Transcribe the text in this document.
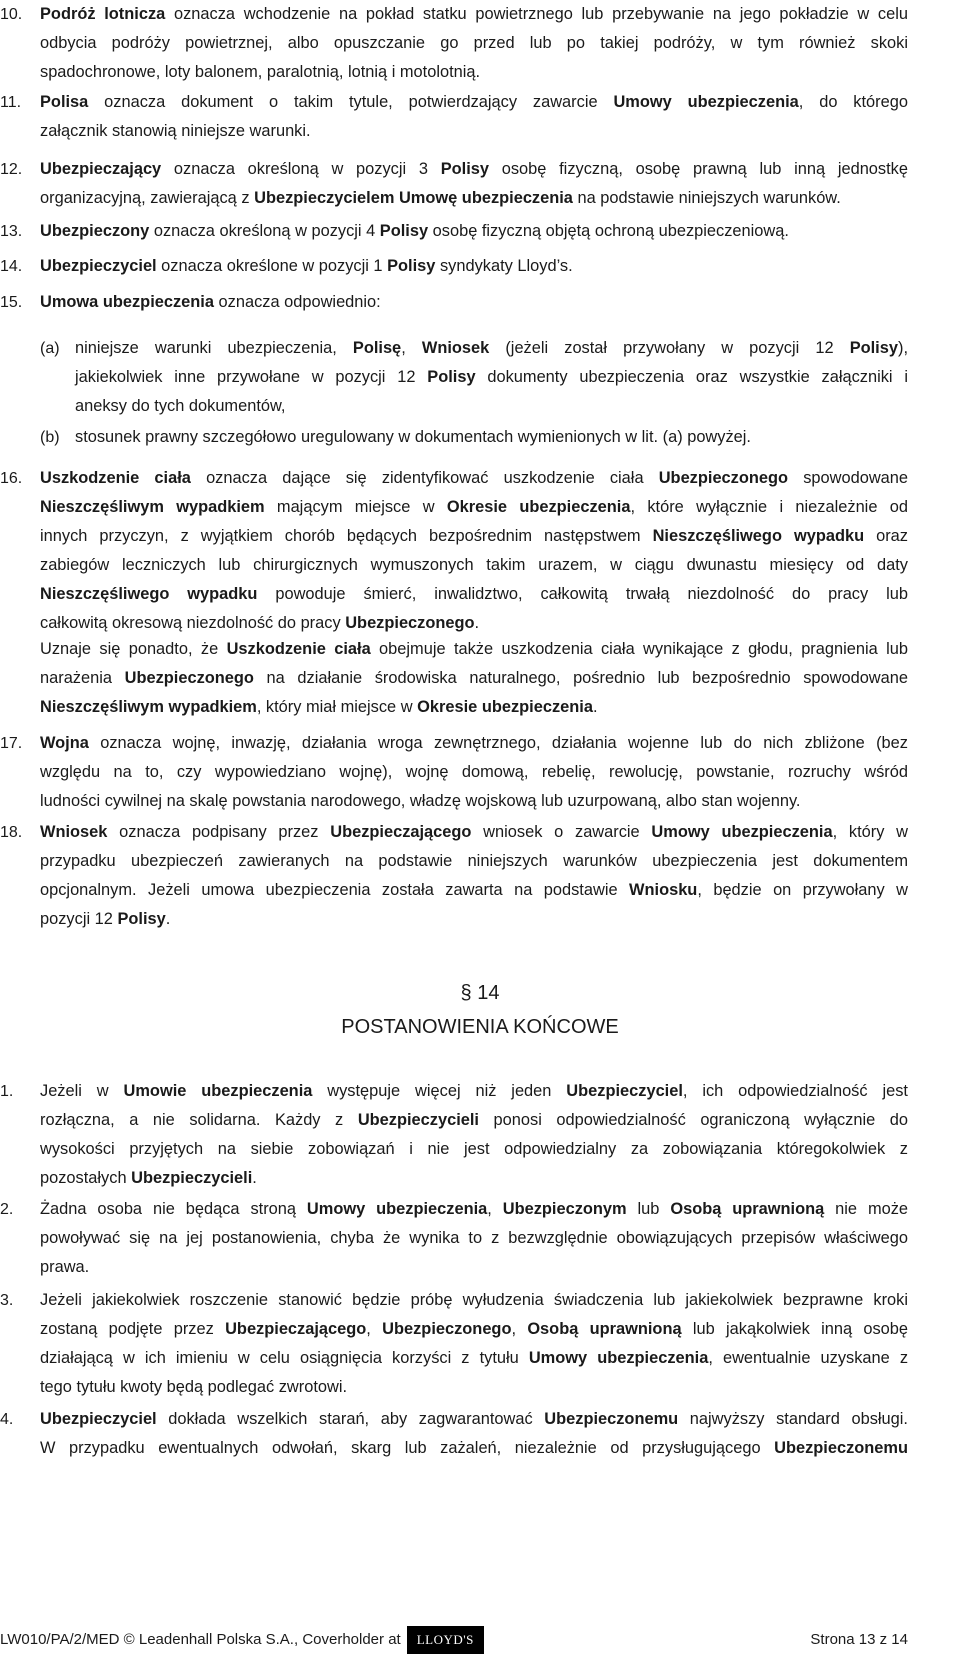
10.	Podróż lotnicza oznacza wchodzenie na pokład statku powietrznego lub przebywanie na jego pokładzie w celu
odbycia podróży powietrznej, albo opuszczanie go przed lub po takiej podróży, w tym również skoki
spadochronowe, loty balonem, paralotnią, lotnią i motolotnią.
11.	Polisa oznacza dokument o takim tytule, potwierdzający zawarcie Umowy ubezpieczenia, do którego
załącznik stanowią niniejsze warunki.
12.	Ubezpieczający oznacza określoną w pozycji 3 Polisy osobę fizyczną, osobę prawną lub inną jednostkę
organizacyjną, zawierającą z Ubezpieczycielem Umowę ubezpieczenia na podstawie niniejszych warunków.
13.	Ubezpieczony oznacza określoną w pozycji 4 Polisy osobę fizyczną objętą ochroną ubezpieczeniową.
14.	Ubezpieczyciel oznacza określone w pozycji 1 Polisy syndykaty Lloyd’s.
15.	Umowa ubezpieczenia oznacza odpowiednio:
(a) niniejsze warunki ubezpieczenia, Polisę, Wniosek (jeżeli został przywołany w pozycji 12 Polisy),
jakiekolwiek inne przywołane w pozycji 12 Polisy dokumenty ubezpieczenia oraz wszystkie załączniki i
aneksy do tych dokumentów,
(b) stosunek prawny szczegółowo uregulowany w dokumentach wymienionych w lit. (a) powyżej.
16.	Uszkodzenie ciała oznacza dające się zidentyfikować uszkodzenie ciała Ubezpieczonego spowodowane
Nieszczęśliwym wypadkiem mającym miejsce w Okresie ubezpieczenia, które wyłącznie i niezależnie od
innych przyczyn, z wyjątkiem chorób będących bezpośrednim następstwem Nieszczęśliwego wypadku oraz
zabiegów leczniczych lub chirurgicznych wymuszonych takim urazem, w ciągu dwunastu miesięcy od daty
Nieszczęśliwego wypadku powoduje śmierć, inwalidztwo, całkowitą trwałą niezdolność do pracy lub
całkowitą okresową niezdolność do pracy Ubezpieczonego.
Uznaje się ponadto, że Uszkodzenie ciała obejmuje także uszkodzenia ciała wynikające z głodu, pragnienia lub
narażenia Ubezpieczonego na działanie środowiska naturalnego, pośrednio lub bezpośrednio spowodowane
Nieszczęśliwym wypadkiem, który miał miejsce w Okresie ubezpieczenia.
17.	Wojna oznacza wojnę, inwazję, działania wroga zewnętrznego, działania wojenne lub do nich zbliżone (bez
względu na to, czy wypowiedziano wojnę), wojnę domową, rebelię, rewolucję, powstanie, rozruchy wśród
ludności cywilnej na skalę powstania narodowego, władzę wojskową lub uzurpowaną, albo stan wojenny.
18.	Wniosek oznacza podpisany przez Ubezpieczającego wniosek o zawarcie Umowy ubezpieczenia, który w
przypadku ubezpieczeń zawieranych na podstawie niniejszych warunków ubezpieczenia jest dokumentem
opcjonalnym. Jeżeli umowa ubezpieczenia została zawarta na podstawie Wniosku, będzie on przywołany w
pozycji 12 Polisy.
§ 14
POSTANOWIENIA KOŃCOWE
1.	Jeżeli w Umowie ubezpieczenia występuje więcej niż jeden Ubezpieczyciel, ich odpowiedzialność jest
rozłączna, a nie solidarna. Każdy z Ubezpieczycieli ponosi odpowiedzialność ograniczoną wyłącznie do
wysokości przyjętych na siebie zobowiązań i nie jest odpowiedzialny za zobowiązania któregokolwiek z
pozostałych Ubezpieczycieli.
2.	Żadna osoba nie będąca stroną Umowy ubezpieczenia, Ubezpieczonym lub Osobą uprawnioną nie może
powoływać się na jej postanowienia, chyba że wynika to z bezwzględnie obowiązujących przepisów właściwego
prawa.
3.	Jeżeli jakiekolwiek roszczenie stanowić będzie próbę wyłudzenia świadczenia lub jakiekolwiek bezprawne kroki
zostaną podjęte przez Ubezpieczającego, Ubezpieczonego, Osobą uprawnioną lub jakąkolwiek inną osobę
działającą w ich imieniu w celu osiągnięcia korzyści z tytułu Umowy ubezpieczenia, ewentualnie uzyskane z
tego tytułu kwoty będą podlegać zwrotowi.
4.	Ubezpieczyciel dokłada wszelkich starań, aby zagwarantować Ubezpieczonemu najwyższy standard obsługi.
W przypadku ewentualnych odwołań, skarg lub zażaleń, niezależnie od przysługującego Ubezpieczonemu
LW010/PA/2/MED © Leadenhall Polska S.A., Coverholder at LLOYD'S	Strona 13 z 14
